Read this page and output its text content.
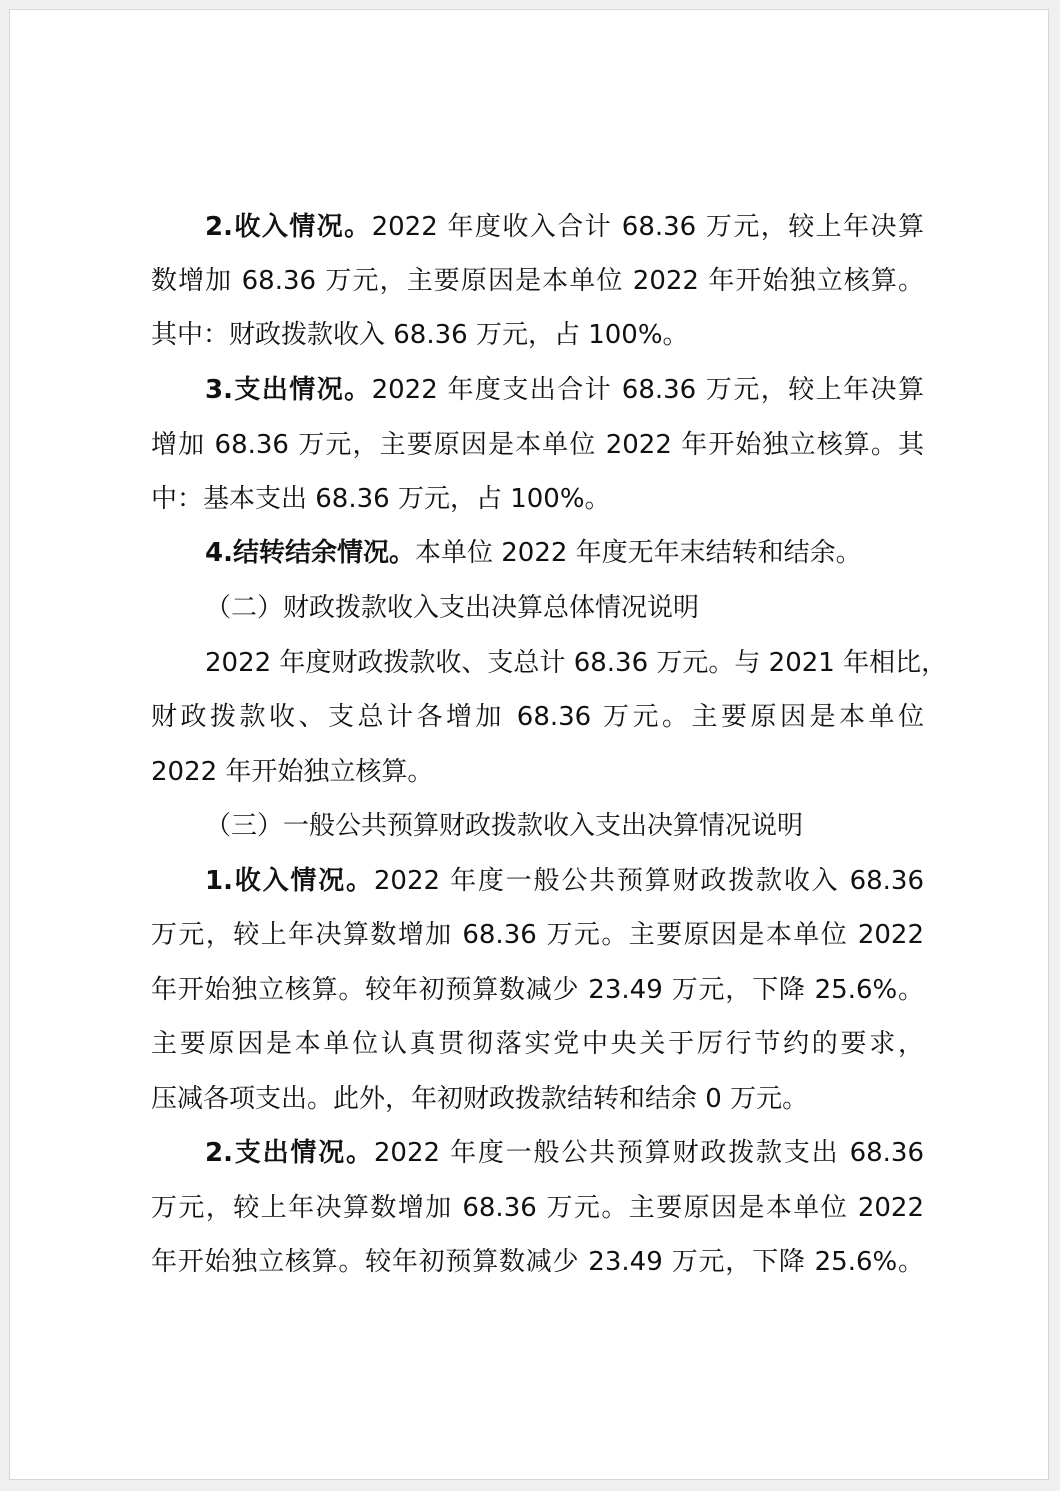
2.收入情况。2022 年度收入合计 68.36 万元，较上年决算
数增加 68.36 万元，主要原因是本单位 2022 年开始独立核算。
其中：财政拨款收入 68.36 万元，占 100%。
3.支出情况。2022 年度支出合计 68.36 万元，较上年决算
增加 68.36 万元，主要原因是本单位 2022 年开始独立核算。其
中：基本支出 68.36 万元，占 100%。
4.结转结余情况。本单位 2022 年度无年末结转和结余。
（二）财政拨款收入支出决算总体情况说明
2022 年度财政拨款收、支总计 68.36 万元。与 2021 年相比，
财政拨款收、支总计各增加 68.36 万元。主要原因是本单位
2022 年开始独立核算。
（三）一般公共预算财政拨款收入支出决算情况说明
1.收入情况。2022 年度一般公共预算财政拨款收入 68.36
万元，较上年决算数增加 68.36 万元。主要原因是本单位 2022
年开始独立核算。较年初预算数减少 23.49 万元，下降 25.6%。
主要原因是本单位认真贯彻落实党中央关于厉行节约的要求，
压减各项支出。此外，年初财政拨款结转和结余 0 万元。
2.支出情况。2022 年度一般公共预算财政拨款支出 68.36
万元，较上年决算数增加 68.36 万元。主要原因是本单位 2022
年开始独立核算。较年初预算数减少 23.49 万元，下降 25.6%。
